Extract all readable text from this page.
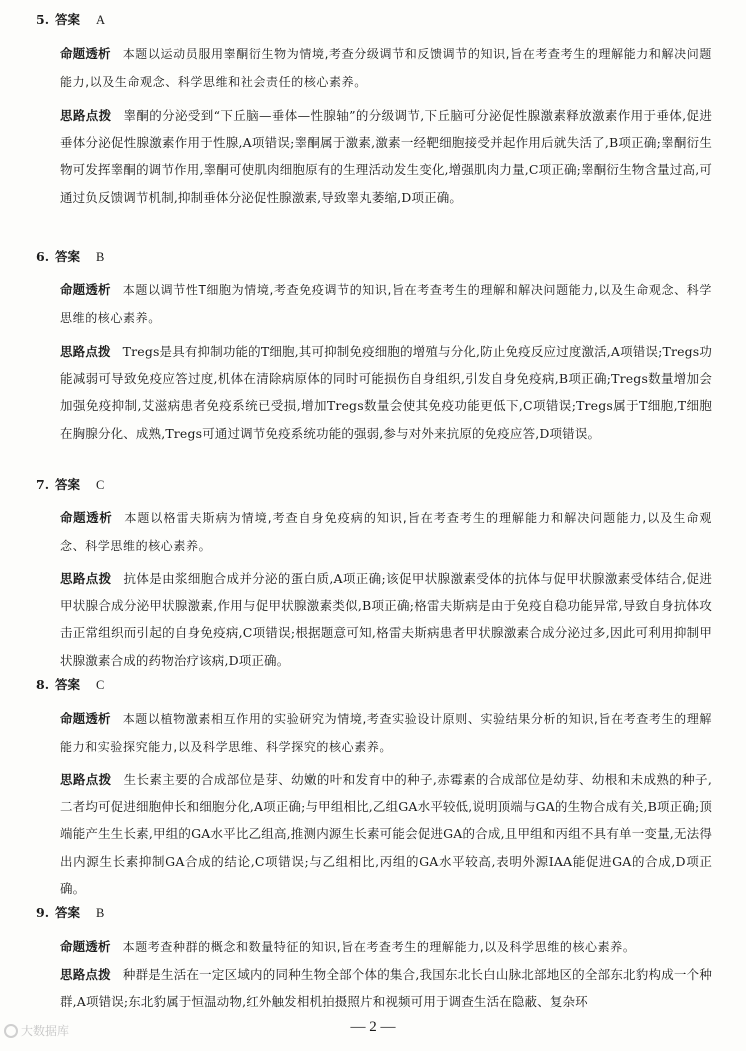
5. 答案 A
命题透析 本题以运动员服用睾酮衍生物为情境,考查分级调节和反馈调节的知识,旨在考查考生的理解能力和解决问题能力,以及生命观念、科学思维和社会责任的核心素养。
思路点拨 睾酮的分泌受到“下丘脑—垂体—性腺轴”的分级调节,下丘脑可分泌促性腺激素释放激素作用于垂体,促进垂体分泌促性腺激素作用于性腺,A项错误;睾酮属于激素,激素一经靶细胞接受并起作用后就失活了,B项正确;睾酮衍生物可发挥睾酮的调节作用,睾酮可使肌肉细胞原有的生理活动发生变化,增强肌肉力量,C项正确;睾酮衍生物含量过高,可通过负反馈调节机制,抑制垂体分泌促性腺激素,导致睾丸萎缩,D项正确。
6. 答案 B
命题透析 本题以调节性T细胞为情境,考查免疫调节的知识,旨在考查考生的理解和解决问题能力,以及生命观念、科学思维的核心素养。
思路点拨 Tregs是具有抑制功能的T细胞,其可抑制免疫细胞的增殖与分化,防止免疫反应过度激活,A项错误;Tregs功能减弱可导致免疫应答过度,机体在清除病原体的同时可能损伤自身组织,引发自身免疫病,B项正确;Tregs数量增加会加强免疫抑制,艾滋病患者免疫系统已受损,增加Tregs数量会使其免疫功能更低下,C项错误;Tregs属于T细胞,T细胞在胸腺分化、成熟,Tregs可通过调节免疫系统功能的强弱,参与对外来抗原的免疫应答,D项错误。
7. 答案 C
命题透析 本题以格雷夫斯病为情境,考查自身免疫病的知识,旨在考查考生的理解能力和解决问题能力,以及生命观念、科学思维的核心素养。
思路点拨 抗体是由浆细胞合成并分泌的蛋白质,A项正确;该促甲状腺激素受体的抗体与促甲状腺激素受体结合,促进甲状腺合成分泌甲状腺激素,作用与促甲状腺激素类似,B项正确;格雷夫斯病是由于免疫自稳功能异常,导致自身抗体攻击正常组织而引起的自身免疫病,C项错误;根据题意可知,格雷夫斯病患者甲状腺激素合成分泌过多,因此可利用抑制甲状腺激素合成的药物治疗该病,D项正确。
8. 答案 C
命题透析 本题以植物激素相互作用的实验研究为情境,考查实验设计原则、实验结果分析的知识,旨在考查考生的理解能力和实验探究能力,以及科学思维、科学探究的核心素养。
思路点拨 生长素主要的合成部位是芽、幼嫩的叶和发育中的种子,赤霉素的合成部位是幼芽、幼根和未成熟的种子,二者均可促进细胞伸长和细胞分化,A项正确;与甲组相比,乙组GA水平较低,说明顶端与GA的生物合成有关,B项正确;顶端能产生生长素,甲组的GA水平比乙组高,推测内源生长素可能会促进GA的合成,且甲组和丙组不具有单一变量,无法得出内源生长素抑制GA合成的结论,C项错误;与乙组相比,丙组的GA水平较高,表明外源IAA能促进GA的合成,D项正确。
9. 答案 B
命题透析 本题考查种群的概念和数量特征的知识,旨在考查考生的理解能力,以及科学思维的核心素养。
思路点拨 种群是生活在一定区域内的同种生物全部个体的集合,我国东北长白山脉北部地区的全部东北豹构成一个种群,A项错误;东北豹属于恒温动物,红外触发相机拍摄照片和视频可用于调查生活在隐蔽、复杂环
— 2 —
大数据库
